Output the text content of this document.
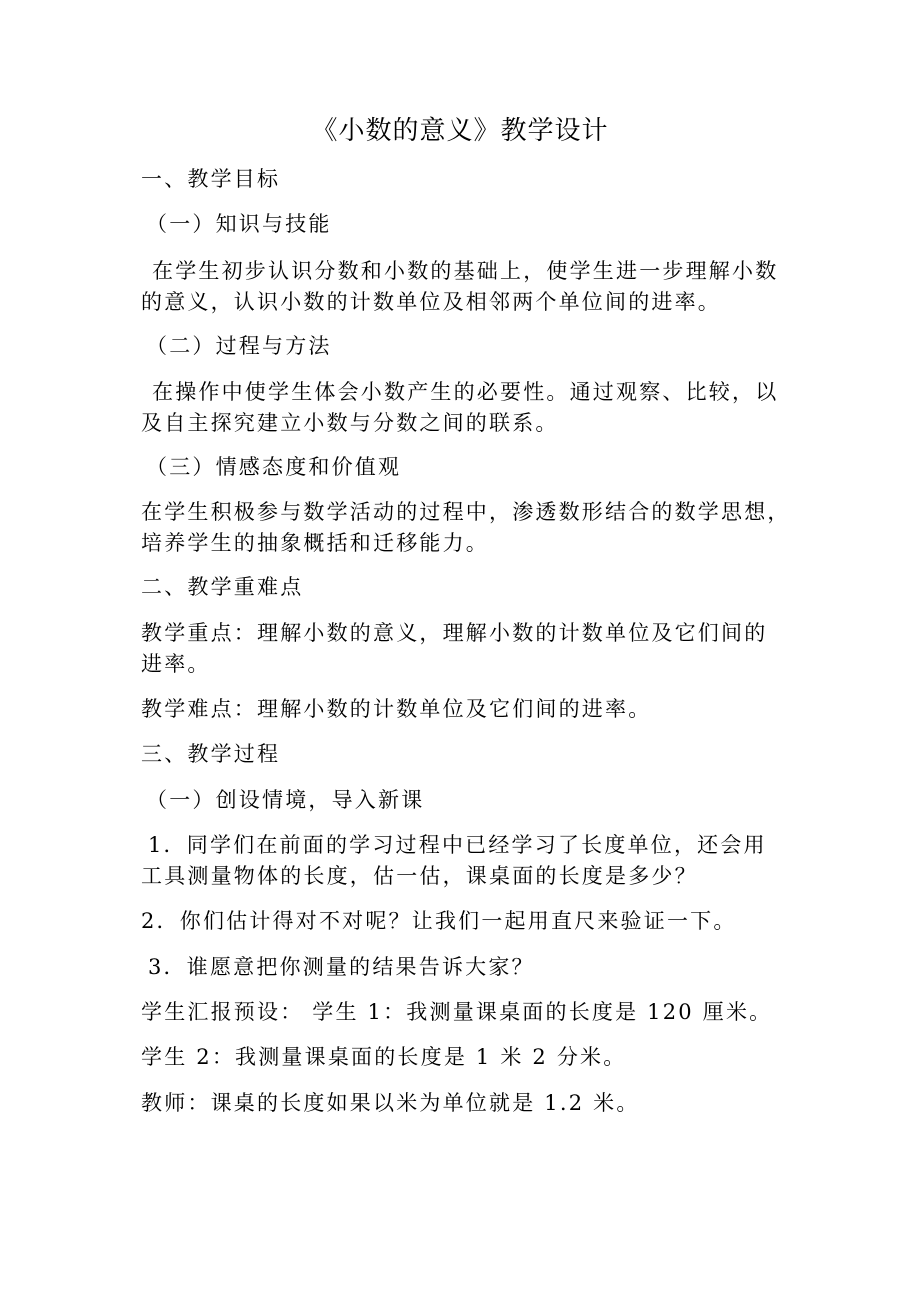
《小数的意义》教学设计
一、教学目标
（一）知识与技能
在学生初步认识分数和小数的基础上，使学生进一步理解小数
的意义，认识小数的计数单位及相邻两个单位间的进率。
（二）过程与方法
在操作中使学生体会小数产生的必要性。通过观察、比较，以
及自主探究建立小数与分数之间的联系。
（三）情感态度和价值观
在学生积极参与数学活动的过程中，渗透数形结合的数学思想，
培养学生的抽象概括和迁移能力。
二、教学重难点
教学重点：理解小数的意义，理解小数的计数单位及它们间的
进率。
教学难点：理解小数的计数单位及它们间的进率。
三、教学过程
（一）创设情境，导入新课
1．同学们在前面的学习过程中已经学习了长度单位，还会用
工具测量物体的长度，估一估，课桌面的长度是多少？
2．你们估计得对不对呢？让我们一起用直尺来验证一下。
3．谁愿意把你测量的结果告诉大家？
学生汇报预设： 学生 1：我测量课桌面的长度是 120 厘米。
学生 2：我测量课桌面的长度是 1 米 2 分米。
教师：课桌的长度如果以米为单位就是 1.2 米。
